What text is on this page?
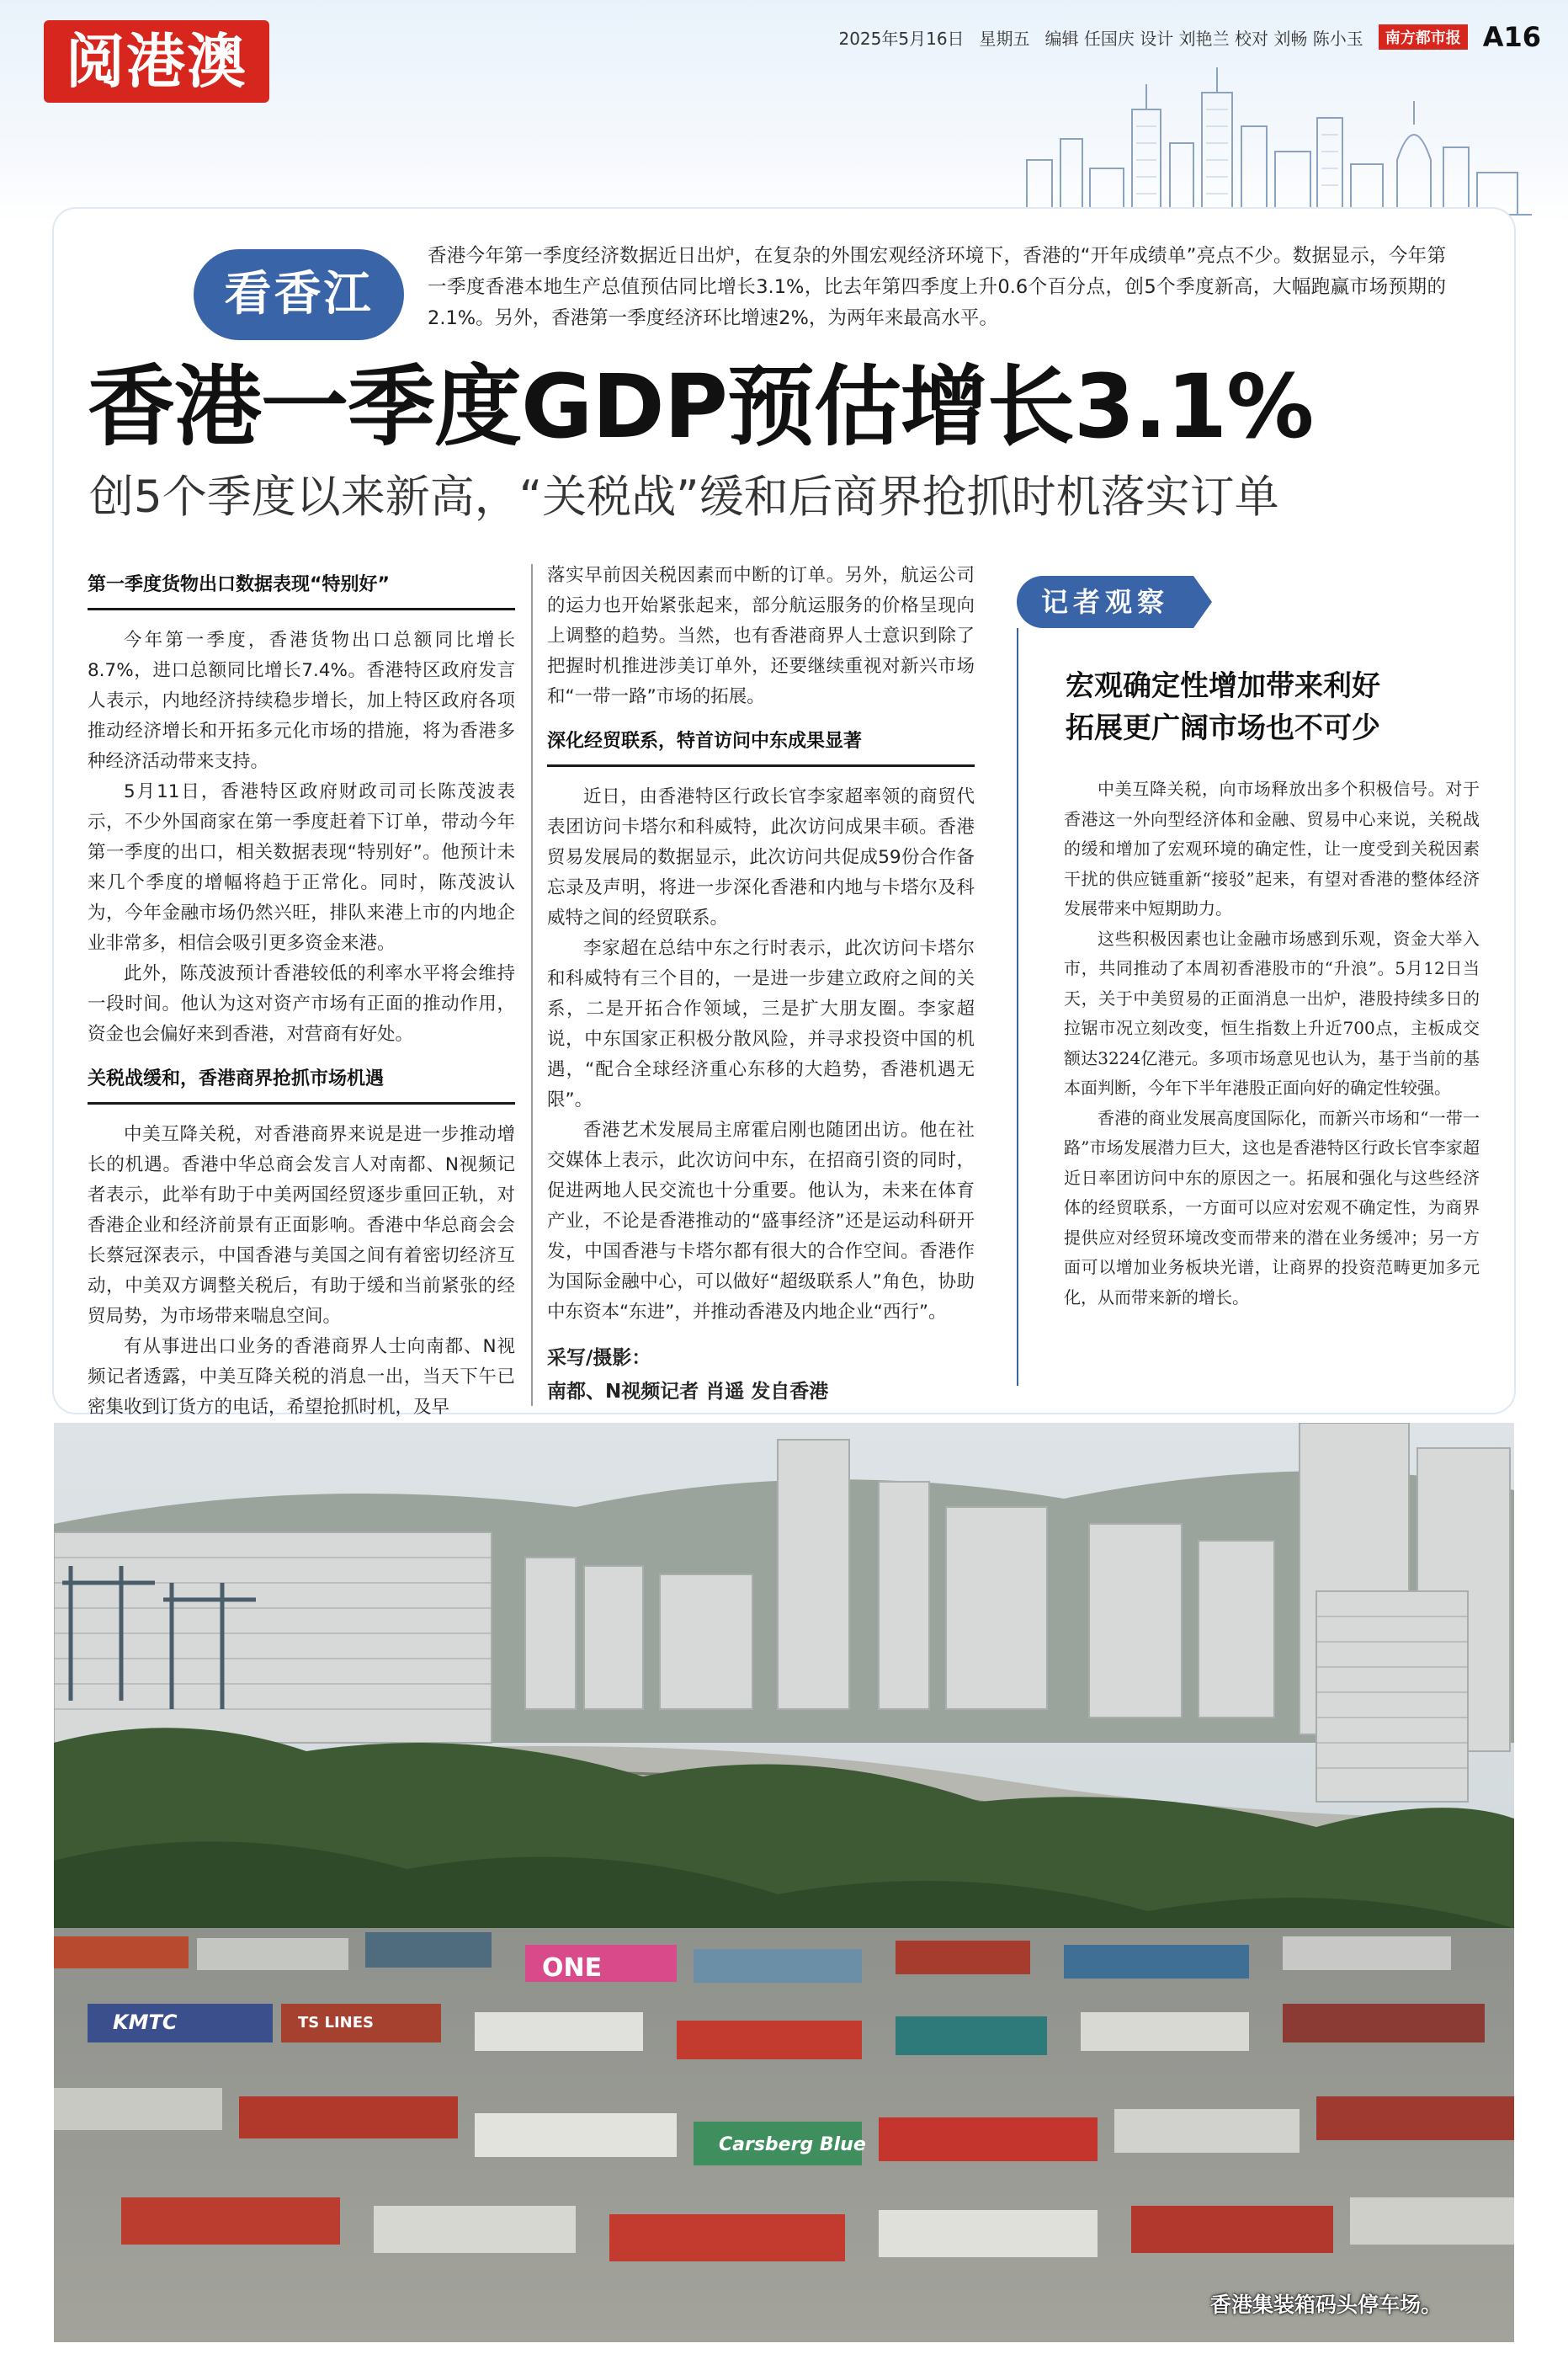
阅港澳	2025年5月16日 星期五 编辑 任国庆 设计 刘艳兰 校对 刘畅 陈小玉	南方都市报 A16
看香江
香港今年第一季度经济数据近日出炉，在复杂的外围宏观经济环境下，香港的“开年成绩单”亮点不少。数据显示，今年第一季度香港本地生产总值预估同比增长3.1%，比去年第四季度上升0.6个百分点，创5个季度新高，大幅跑赢市场预期的2.1%。另外，香港第一季度经济环比增速2%，为两年来最高水平。
香港一季度GDP预估增长3.1%
创5个季度以来新高，“关税战”缓和后商界抢抓时机落实订单
第一季度货物出口数据表现“特别好”

今年第一季度，香港货物出口总额同比增长8.7%，进口总额同比增长7.4%。香港特区政府发言人表示，内地经济持续稳步增长，加上特区政府各项推动经济增长和开拓多元化市场的措施，将为香港多种经济活动带来支持。

5月11日，香港特区政府财政司司长陈茂波表示，不少外国商家在第一季度赶着下订单，带动今年第一季度的出口，相关数据表现“特别好”。他预计未来几个季度的增幅将趋于正常化。同时，陈茂波认为，今年金融市场仍然兴旺，排队来港上市的内地企业非常多，相信会吸引更多资金来港。

此外，陈茂波预计香港较低的利率水平将会维持一段时间。他认为这对资产市场有正面的推动作用，资金也会偏好来到香港，对营商有好处。

关税战缓和，香港商界抢抓市场机遇

中美互降关税，对香港商界来说是进一步推动增长的机遇。香港中华总商会发言人对南都、N视频记者表示，此举有助于中美两国经贸逐步重回正轨，对香港企业和经济前景有正面影响。香港中华总商会会长蔡冠深表示，中国香港与美国之间有着密切经济互动，中美双方调整关税后，有助于缓和当前紧张的经贸局势，为市场带来喘息空间。

有从事进出口业务的香港商界人士向南都、N视频记者透露，中美互降关税的消息一出，当天下午已密集收到订货方的电话，希望抢抓时机，及早

落实早前因关税因素而中断的订单。另外，航运公司的运力也开始紧张起来，部分航运服务的价格呈现向上调整的趋势。当然，也有香港商界人士意识到除了把握时机推进涉美订单外，还要继续重视对新兴市场和“一带一路”市场的拓展。

深化经贸联系，特首访问中东成果显著

近日，由香港特区行政长官李家超率领的商贸代表团访问卡塔尔和科威特，此次访问成果丰硕。香港贸易发展局的数据显示，此次访问共促成59份合作备忘录及声明，将进一步深化香港和内地与卡塔尔及科威特之间的经贸联系。

李家超在总结中东之行时表示，此次访问卡塔尔和科威特有三个目的，一是进一步建立政府之间的关系，二是开拓合作领域，三是扩大朋友圈。李家超说，中东国家正积极分散风险，并寻求投资中国的机遇，“配合全球经济重心东移的大趋势，香港机遇无限”。

香港艺术发展局主席霍启刚也随团出访。他在社交媒体上表示，此次访问中东，在招商引资的同时，促进两地人民交流也十分重要。他认为，未来在体育产业，不论是香港推动的“盛事经济”还是运动科研开发，中国香港与卡塔尔都有很大的合作空间。香港作为国际金融中心，可以做好“超级联系人”角色，协助中东资本“东进”，并推动香港及内地企业“西行”。

采写/摄影：
南都、N视频记者 肖遥 发自香港
记者观察
宏观确定性增加带来利好
拓展更广阔市场也不可少

中美互降关税，向市场释放出多个积极信号。对于香港这一外向型经济体和金融、贸易中心来说，关税战的缓和增加了宏观环境的确定性，让一度受到关税因素干扰的供应链重新“接驳”起来，有望对香港的整体经济发展带来中短期助力。

这些积极因素也让金融市场感到乐观，资金大举入市，共同推动了本周初香港股市的“升浪”。5月12日当天，关于中美贸易的正面消息一出炉，港股持续多日的拉锯市况立刻改变，恒生指数上升近700点，主板成交额达3224亿港元。多项市场意见也认为，基于当前的基本面判断，今年下半年港股正面向好的确定性较强。

香港的商业发展高度国际化，而新兴市场和“一带一路”市场发展潜力巨大，这也是香港特区行政长官李家超近日率团访问中东的原因之一。拓展和强化与这些经济体的经贸联系，一方面可以应对宏观不确定性，为商界提供应对经贸环境改变而带来的潜在业务缓冲；另一方面可以增加业务板块光谱，让商界的投资范畴更加多元化，从而带来新的增长。

ONE
KMTC	TS LINES
Carsberg Blue
香港集装箱码头停车场。
